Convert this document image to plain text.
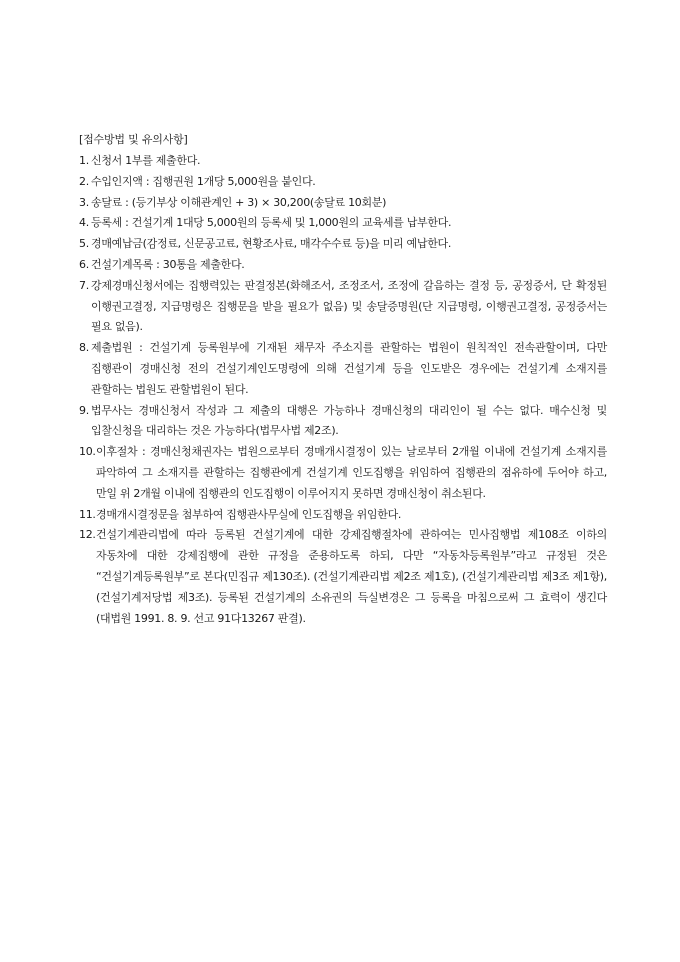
[접수방법 및 유의사항]
1. 신청서 1부를 제출한다.
2. 수입인지액 : 집행권원 1개당 5,000원을 붙인다.
3. 송달료 : (등기부상 이해관계인 + 3) × 30,200(송달료 10회분)
4. 등록세 : 건설기계 1대당 5,000원의 등록세 및 1,000원의 교육세를 납부한다.
5. 경매예납금(감정료, 신문공고료, 현황조사료, 매각수수료 등)을 미리 예납한다.
6. 건설기계목록 : 30통을 제출한다.
7. 강제경매신청서에는 집행력있는 판결정본(화해조서, 조정조서, 조정에 갈음하는 결정 등, 공정증서, 단 확정된 이행권고결정, 지급명령은 집행문을 받을 필요가 없음) 및 송달증명원(단 지급명령, 이행권고결정, 공정증서는 필요 없음).
8. 제출법원 : 건설기계 등록원부에 기재된 채무자 주소지를 관할하는 법원이 원칙적인 전속관할이며, 다만 집행관이 경매신청 전의 건설기계인도명령에 의해 건설기계 등을 인도받은 경우에는 건설기계 소재지를 관할하는 법원도 관할법원이 된다.
9. 법무사는 경매신청서 작성과 그 제출의 대행은 가능하나 경매신청의 대리인이 될 수는 없다. 매수신청 및 입찰신청을 대리하는 것은 가능하다(법무사법 제2조).
10. 이후절차 : 경매신청채권자는 법원으로부터 경매개시결정이 있는 날로부터 2개월 이내에 건설기계 소재지를 파악하여 그 소재지를 관할하는 집행관에게 건설기계 인도집행을 위임하여 집행관의 점유하에 두어야 하고, 만일 위 2개월 이내에 집행관의 인도집행이 이루어지지 못하면 경매신청이 취소된다.
11. 경매개시결정문을 첨부하여 집행관사무실에 인도집행을 위임한다.
12. 건설기계관리법에 따라 등록된 건설기계에 대한 강제집행절차에 관하여는 민사집행법 제108조 이하의 자동차에 대한 강제집행에 관한 규정을 준용하도록 하되, 다만 “자동차등록원부”라고 규정된 것은 “건설기계등록원부”로 본다(민집규 제130조). (건설기계관리법 제2조 제1호), (건설기계관리법 제3조 제1항), (건설기계저당법 제3조). 등록된 건설기계의 소유권의 득실변경은 그 등록을 마침으로써 그 효력이 생긴다(대법원 1991. 8. 9. 선고 91다13267 판결).
